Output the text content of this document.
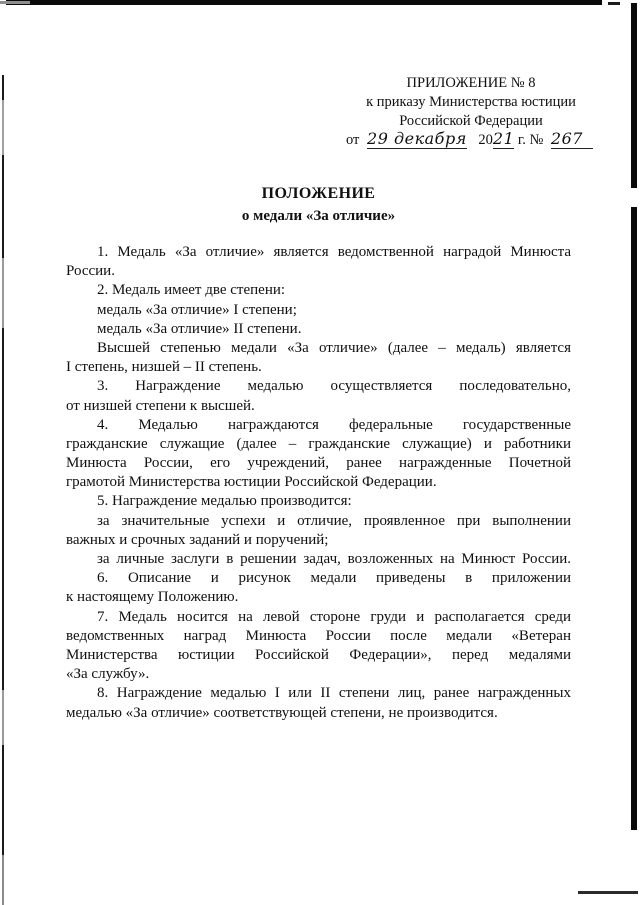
ПРИЛОЖЕНИЕ № 8
к приказу Министерства юстиции
Российской Федерации
от 29 декабря 2021 г. № 267
ПОЛОЖЕНИЕ
о медали «За отличие»
1. Медаль «За отличие» является ведомственной наградой Минюста
России.
2. Медаль имеет две степени:
медаль «За отличие» I степени;
медаль «За отличие» II степени.
Высшей степенью медали «За отличие» (далее – медаль) является
I степень, низшей – II степень.
3. Награждение медалью осуществляется последовательно,
от низшей степени к высшей.
4. Медалью награждаются федеральные государственные
гражданские служащие (далее – гражданские служащие) и работники
Минюста России, его учреждений, ранее награжденные Почетной
грамотой Министерства юстиции Российской Федерации.
5. Награждение медалью производится:
за значительные успехи и отличие, проявленное при выполнении
важных и срочных заданий и поручений;
за личные заслуги в решении задач, возложенных на Минюст России.
6. Описание и рисунок медали приведены в приложении
к настоящему Положению.
7. Медаль носится на левой стороне груди и располагается среди
ведомственных наград Минюста России после медали «Ветеран
Министерства юстиции Российской Федерации», перед медалями
«За службу».
8. Награждение медалью I или II степени лиц, ранее награжденных
медалью «За отличие» соответствующей степени, не производится.
